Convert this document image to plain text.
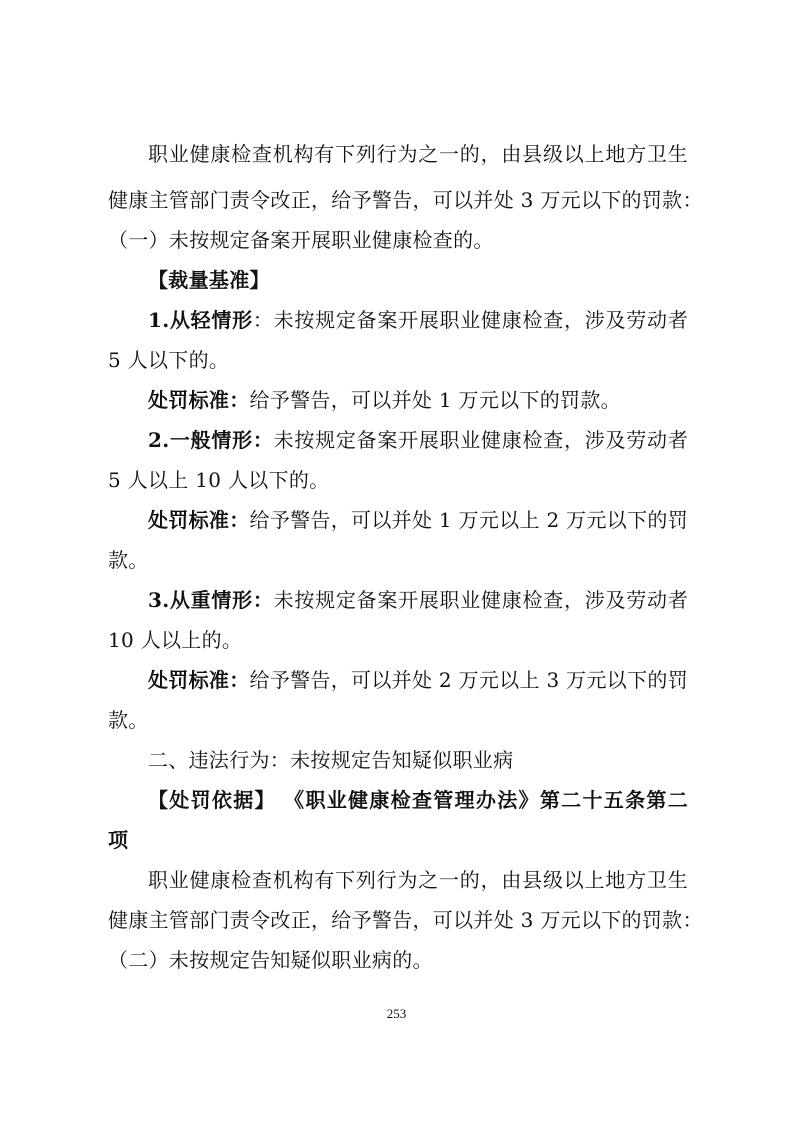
职业健康检查机构有下列行为之一的，由县级以上地方卫生
健康主管部门责令改正，给予警告，可以并处 3 万元以下的罚款：
（一）未按规定备案开展职业健康检查的。
【裁量基准】
1.从轻情形：未按规定备案开展职业健康检查，涉及劳动者
5 人以下的。
处罚标准：给予警告，可以并处 1 万元以下的罚款。
2.一般情形：未按规定备案开展职业健康检查，涉及劳动者
5 人以上 10 人以下的。
处罚标准：给予警告，可以并处 1 万元以上 2 万元以下的罚
款。
3.从重情形：未按规定备案开展职业健康检查，涉及劳动者
10 人以上的。
处罚标准：给予警告，可以并处 2 万元以上 3 万元以下的罚
款。
二、违法行为：未按规定告知疑似职业病
【处罚依据】 《职业健康检查管理办法》第二十五条第二
项
职业健康检查机构有下列行为之一的，由县级以上地方卫生
健康主管部门责令改正，给予警告，可以并处 3 万元以下的罚款：
（二）未按规定告知疑似职业病的。
253
